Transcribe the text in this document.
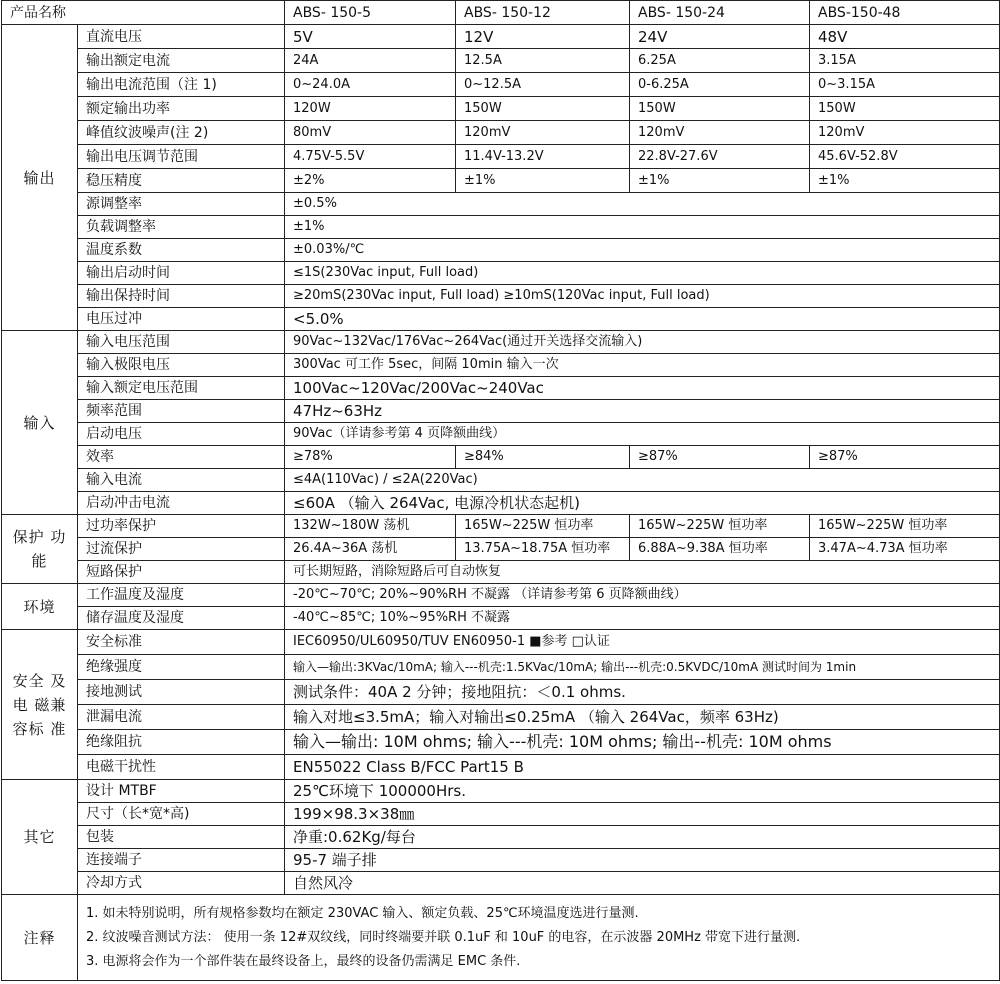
产品名称		ABS- 150-5	ABS- 150-12	ABS- 150-24	ABS-150-48
输出	直流电压	5V	12V	24V	48V
	输出额定电流	24A	12.5A	6.25A	3.15A
	输出电流范围（注 1)	0~24.0A	0~12.5A	0-6.25A	0~3.15A
	额定输出功率	120W	150W	150W	150W
	峰值纹波噪声(注 2)	80mV	120mV	120mV	120mV
	输出电压调节范围	4.75V-5.5V	11.4V-13.2V	22.8V-27.6V	45.6V-52.8V
	稳压精度	±2%	±1%	±1%	±1%
	源调整率	±0.5%			
	负载调整率	±1%			
	温度系数	±0.03%/℃			
	输出启动时间	≤1S(230Vac input, Full load)			
	输出保持时间	≥20mS(230Vac input, Full load) ≥10mS(120Vac input, Full load)			
	电压过冲	<5.0%			
输入	输入电压范围	90Vac~132Vac/176Vac~264Vac(通过开关选择交流输入)			
	输入极限电压	300Vac 可工作 5sec，间隔 10min 输入一次			
	输入额定电压范围	100Vac~120Vac/200Vac~240Vac			
	频率范围	47Hz~63Hz			
	启动电压	90Vac（详请参考第 4 页降额曲线）			
	效率	≥78%	≥84%	≥87%	≥87%
	输入电流	≤4A(110Vac) / ≤2A(220Vac)			
	启动冲击电流	≤60A （输入 264Vac, 电源冷机状态起机)			
保护 功能	过功率保护	132W~180W 荡机	165W~225W 恒功率	165W~225W 恒功率	165W~225W 恒功率
	过流保护	26.4A~36A 荡机	13.75A~18.75A 恒功率	6.88A~9.38A 恒功率	3.47A~4.73A 恒功率
	短路保护	可长期短路，消除短路后可自动恢复			
环境	工作温度及湿度	-20℃~70℃; 20%~90%RH 不凝露 （详请参考第 6 页降额曲线）			
	储存温度及湿度	-40℃~85℃; 10%~95%RH 不凝露			
安全 及电 磁兼 容标 准	安全标准	IEC60950/UL60950/TUV EN60950-1 ■参考 □认证			
	绝缘强度	输入—输出:3KVac/10mA; 输入---机壳:1.5KVac/10mA; 输出---机壳:0.5KVDC/10mA 测试时间为 1min			
	接地测试	测试条件：40A 2 分钟；接地阻抗：＜0.1 ohms.			
	泄漏电流	输入对地≤3.5mA；输入对输出≤0.25mA （输入 264Vac，频率 63Hz)			
	绝缘阻抗	输入—输出: 10M ohms; 输入---机壳: 10M ohms; 输出--机壳: 10M ohms			
	电磁干扰性	EN55022 Class B/FCC Part15 B			
其它	设计 MTBF	25℃环境下 100000Hrs.			
	尺寸（长*宽*高)	199×98.3×38㎜			
	包装	净重:0.62Kg/每台			
	连接端子	95-7 端子排			
	冷却方式	自然风冷			
注释	1. 如未特别说明，所有规格参数均在额定 230VAC 输入、额定负载、25℃环境温度选进行量测.
2. 纹波噪音测试方法： 使用一条 12#双纹线，同时终端要并联 0.1uF 和 10uF 的电容，在示波器 20MHz 带宽下进行量测.
3. 电源将会作为一个部件装在最终设备上，最终的设备仍需满足 EMC 条件.				
